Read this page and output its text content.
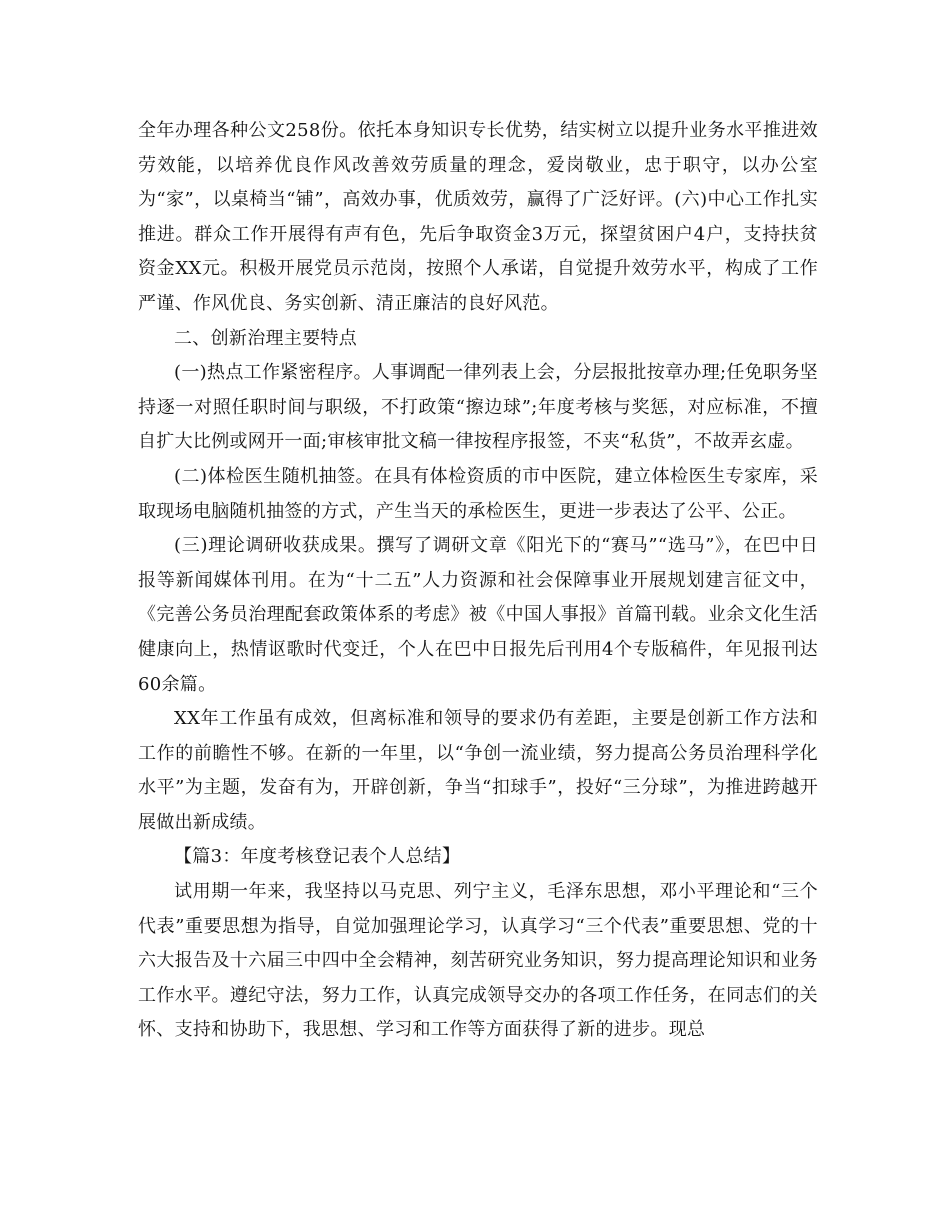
全年办理各种公文258份。依托本身知识专长优势，结实树立以提升业务水平推进效劳效能，以培养优良作风改善效劳质量的理念，爱岗敬业，忠于职守，以办公室为“家”，以桌椅当“铺”，高效办事，优质效劳，赢得了广泛好评。(六)中心工作扎实推进。群众工作开展得有声有色，先后争取资金3万元，探望贫困户4户，支持扶贫资金XX元。积极开展党员示范岗，按照个人承诺，自觉提升效劳水平，构成了工作严谨、作风优良、务实创新、清正廉洁的良好风范。

二、创新治理主要特点

(一)热点工作紧密程序。人事调配一律列表上会，分层报批按章办理;任免职务坚持逐一对照任职时间与职级，不打政策“擦边球”;年度考核与奖惩，对应标准，不擅自扩大比例或网开一面;审核审批文稿一律按程序报签，不夹“私货”，不故弄玄虚。

(二)体检医生随机抽签。在具有体检资质的市中医院，建立体检医生专家库，采取现场电脑随机抽签的方式，产生当天的承检医生，更进一步表达了公平、公正。

(三)理论调研收获成果。撰写了调研文章《阳光下的“赛马”“选马”》，在巴中日报等新闻媒体刊用。在为“十二五”人力资源和社会保障事业开展规划建言征文中，《完善公务员治理配套政策体系的考虑》被《中国人事报》首篇刊载。业余文化生活健康向上，热情讴歌时代变迁，个人在巴中日报先后刊用4个专版稿件，年见报刊达60余篇。

XX年工作虽有成效，但离标准和领导的要求仍有差距，主要是创新工作方法和工作的前瞻性不够。在新的一年里，以“争创一流业绩，努力提高公务员治理科学化水平”为主题，发奋有为，开辟创新，争当“扣球手”，投好“三分球”，为推进跨越开展做出新成绩。

【篇3：年度考核登记表个人总结】

试用期一年来，我坚持以马克思、列宁主义，毛泽东思想，邓小平理论和“三个代表”重要思想为指导，自觉加强理论学习，认真学习“三个代表”重要思想、党的十六大报告及十六届三中四中全会精神，刻苦研究业务知识，努力提高理论知识和业务工作水平。遵纪守法，努力工作，认真完成领导交办的各项工作任务，在同志们的关怀、支持和协助下，我思想、学习和工作等方面获得了新的进步。现总
